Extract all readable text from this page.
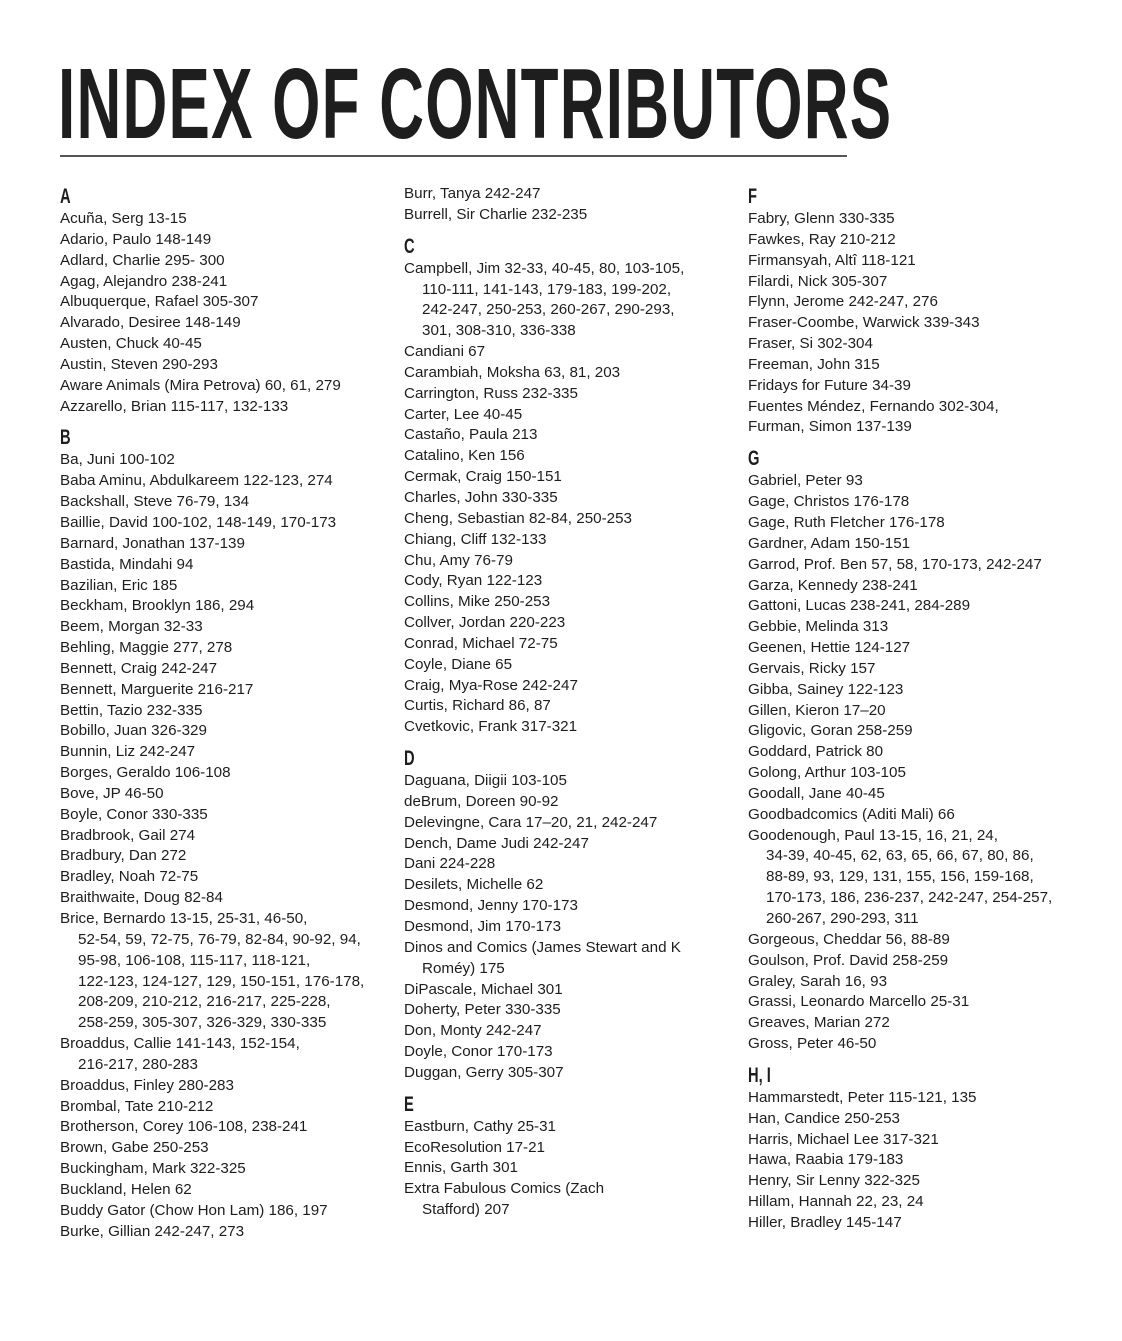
INDEX OF CONTRIBUTORS
A
Acuña, Serg 13-15
Adario, Paulo 148-149
Adlard, Charlie 295- 300
Agag, Alejandro 238-241
Albuquerque, Rafael 305-307
Alvarado, Desiree 148-149
Austen, Chuck 40-45
Austin, Steven 290-293
Aware Animals (Mira Petrova) 60, 61, 279
Azzarello, Brian 115-117, 132-133
B
Ba, Juni 100-102
Baba Aminu, Abdulkareem 122-123, 274
Backshall, Steve 76-79, 134
Baillie, David 100-102, 148-149, 170-173
Barnard, Jonathan 137-139
Bastida, Mindahi 94
Bazilian, Eric 185
Beckham, Brooklyn 186, 294
Beem, Morgan 32-33
Behling, Maggie 277, 278
Bennett, Craig 242-247
Bennett, Marguerite 216-217
Bettin, Tazio 232-335
Bobillo, Juan 326-329
Bunnin, Liz 242-247
Borges, Geraldo 106-108
Bove, JP 46-50
Boyle, Conor 330-335
Bradbrook, Gail 274
Bradbury, Dan 272
Bradley, Noah 72-75
Braithwaite, Doug 82-84
Brice, Bernardo 13-15, 25-31, 46-50,
52-54, 59, 72-75, 76-79, 82-84, 90-92, 94,
95-98, 106-108, 115-117, 118-121,
122-123, 124-127, 129, 150-151, 176-178,
208-209, 210-212, 216-217, 225-228,
258-259, 305-307, 326-329, 330-335
Broaddus, Callie 141-143, 152-154,
216-217, 280-283
Broaddus, Finley 280-283
Brombal, Tate 210-212
Brotherson, Corey 106-108, 238-241
Brown, Gabe 250-253
Buckingham, Mark 322-325
Buckland, Helen 62
Buddy Gator (Chow Hon Lam) 186, 197
Burke, Gillian 242-247, 273
Burr, Tanya 242-247
Burrell, Sir Charlie 232-235
C
Campbell, Jim 32-33, 40-45, 80, 103-105,
110-111, 141-143, 179-183, 199-202,
242-247, 250-253, 260-267, 290-293,
301, 308-310, 336-338
Candiani 67
Carambiah, Moksha 63, 81, 203
Carrington, Russ 232-335
Carter, Lee 40-45
Castaño, Paula 213
Catalino, Ken 156
Cermak, Craig 150-151
Charles, John 330-335
Cheng, Sebastian 82-84, 250-253
Chiang, Cliff 132-133
Chu, Amy 76-79
Cody, Ryan 122-123
Collins, Mike 250-253
Collver, Jordan 220-223
Conrad, Michael 72-75
Coyle, Diane 65
Craig, Mya-Rose 242-247
Curtis, Richard 86, 87
Cvetkovic, Frank 317-321
D
Daguana, Diigii 103-105
deBrum, Doreen 90-92
Delevingne, Cara 17–20, 21, 242-247
Dench, Dame Judi 242-247
Dani 224-228
Desilets, Michelle 62
Desmond, Jenny 170-173
Desmond, Jim 170-173
Dinos and Comics (James Stewart and K
Roméy) 175
DiPascale, Michael 301
Doherty, Peter 330-335
Don, Monty 242-247
Doyle, Conor 170-173
Duggan, Gerry 305-307
E
Eastburn, Cathy 25-31
EcoResolution 17-21
Ennis, Garth 301
Extra Fabulous Comics (Zach
Stafford) 207
F
Fabry, Glenn 330-335
Fawkes, Ray 210-212
Firmansyah, Altî 118-121
Filardi, Nick 305-307
Flynn, Jerome 242-247, 276
Fraser-Coombe, Warwick 339-343
Fraser, Si 302-304
Freeman, John 315
Fridays for Future 34-39
Fuentes Méndez, Fernando 302-304,
Furman, Simon 137-139
G
Gabriel, Peter 93
Gage, Christos 176-178
Gage, Ruth Fletcher 176-178
Gardner, Adam 150-151
Garrod, Prof. Ben 57, 58, 170-173, 242-247
Garza, Kennedy 238-241
Gattoni, Lucas 238-241, 284-289
Gebbie, Melinda 313
Geenen, Hettie 124-127
Gervais, Ricky 157
Gibba, Sainey 122-123
Gillen, Kieron 17–20
Gligovic, Goran 258-259
Goddard, Patrick 80
Golong, Arthur 103-105
Goodall, Jane 40-45
Goodbadcomics (Aditi Mali) 66
Goodenough, Paul 13-15, 16, 21, 24,
34-39, 40-45, 62, 63, 65, 66, 67, 80, 86,
88-89, 93, 129, 131, 155, 156, 159-168,
170-173, 186, 236-237, 242-247, 254-257,
260-267, 290-293, 311
Gorgeous, Cheddar 56, 88-89
Goulson, Prof. David 258-259
Graley, Sarah 16, 93
Grassi, Leonardo Marcello 25-31
Greaves, Marian 272
Gross, Peter 46-50
H, I
Hammarstedt, Peter 115-121, 135
Han, Candice 250-253
Harris, Michael Lee 317-321
Hawa, Raabia 179-183
Henry, Sir Lenny 322-325
Hillam, Hannah 22, 23, 24
Hiller, Bradley 145-147
